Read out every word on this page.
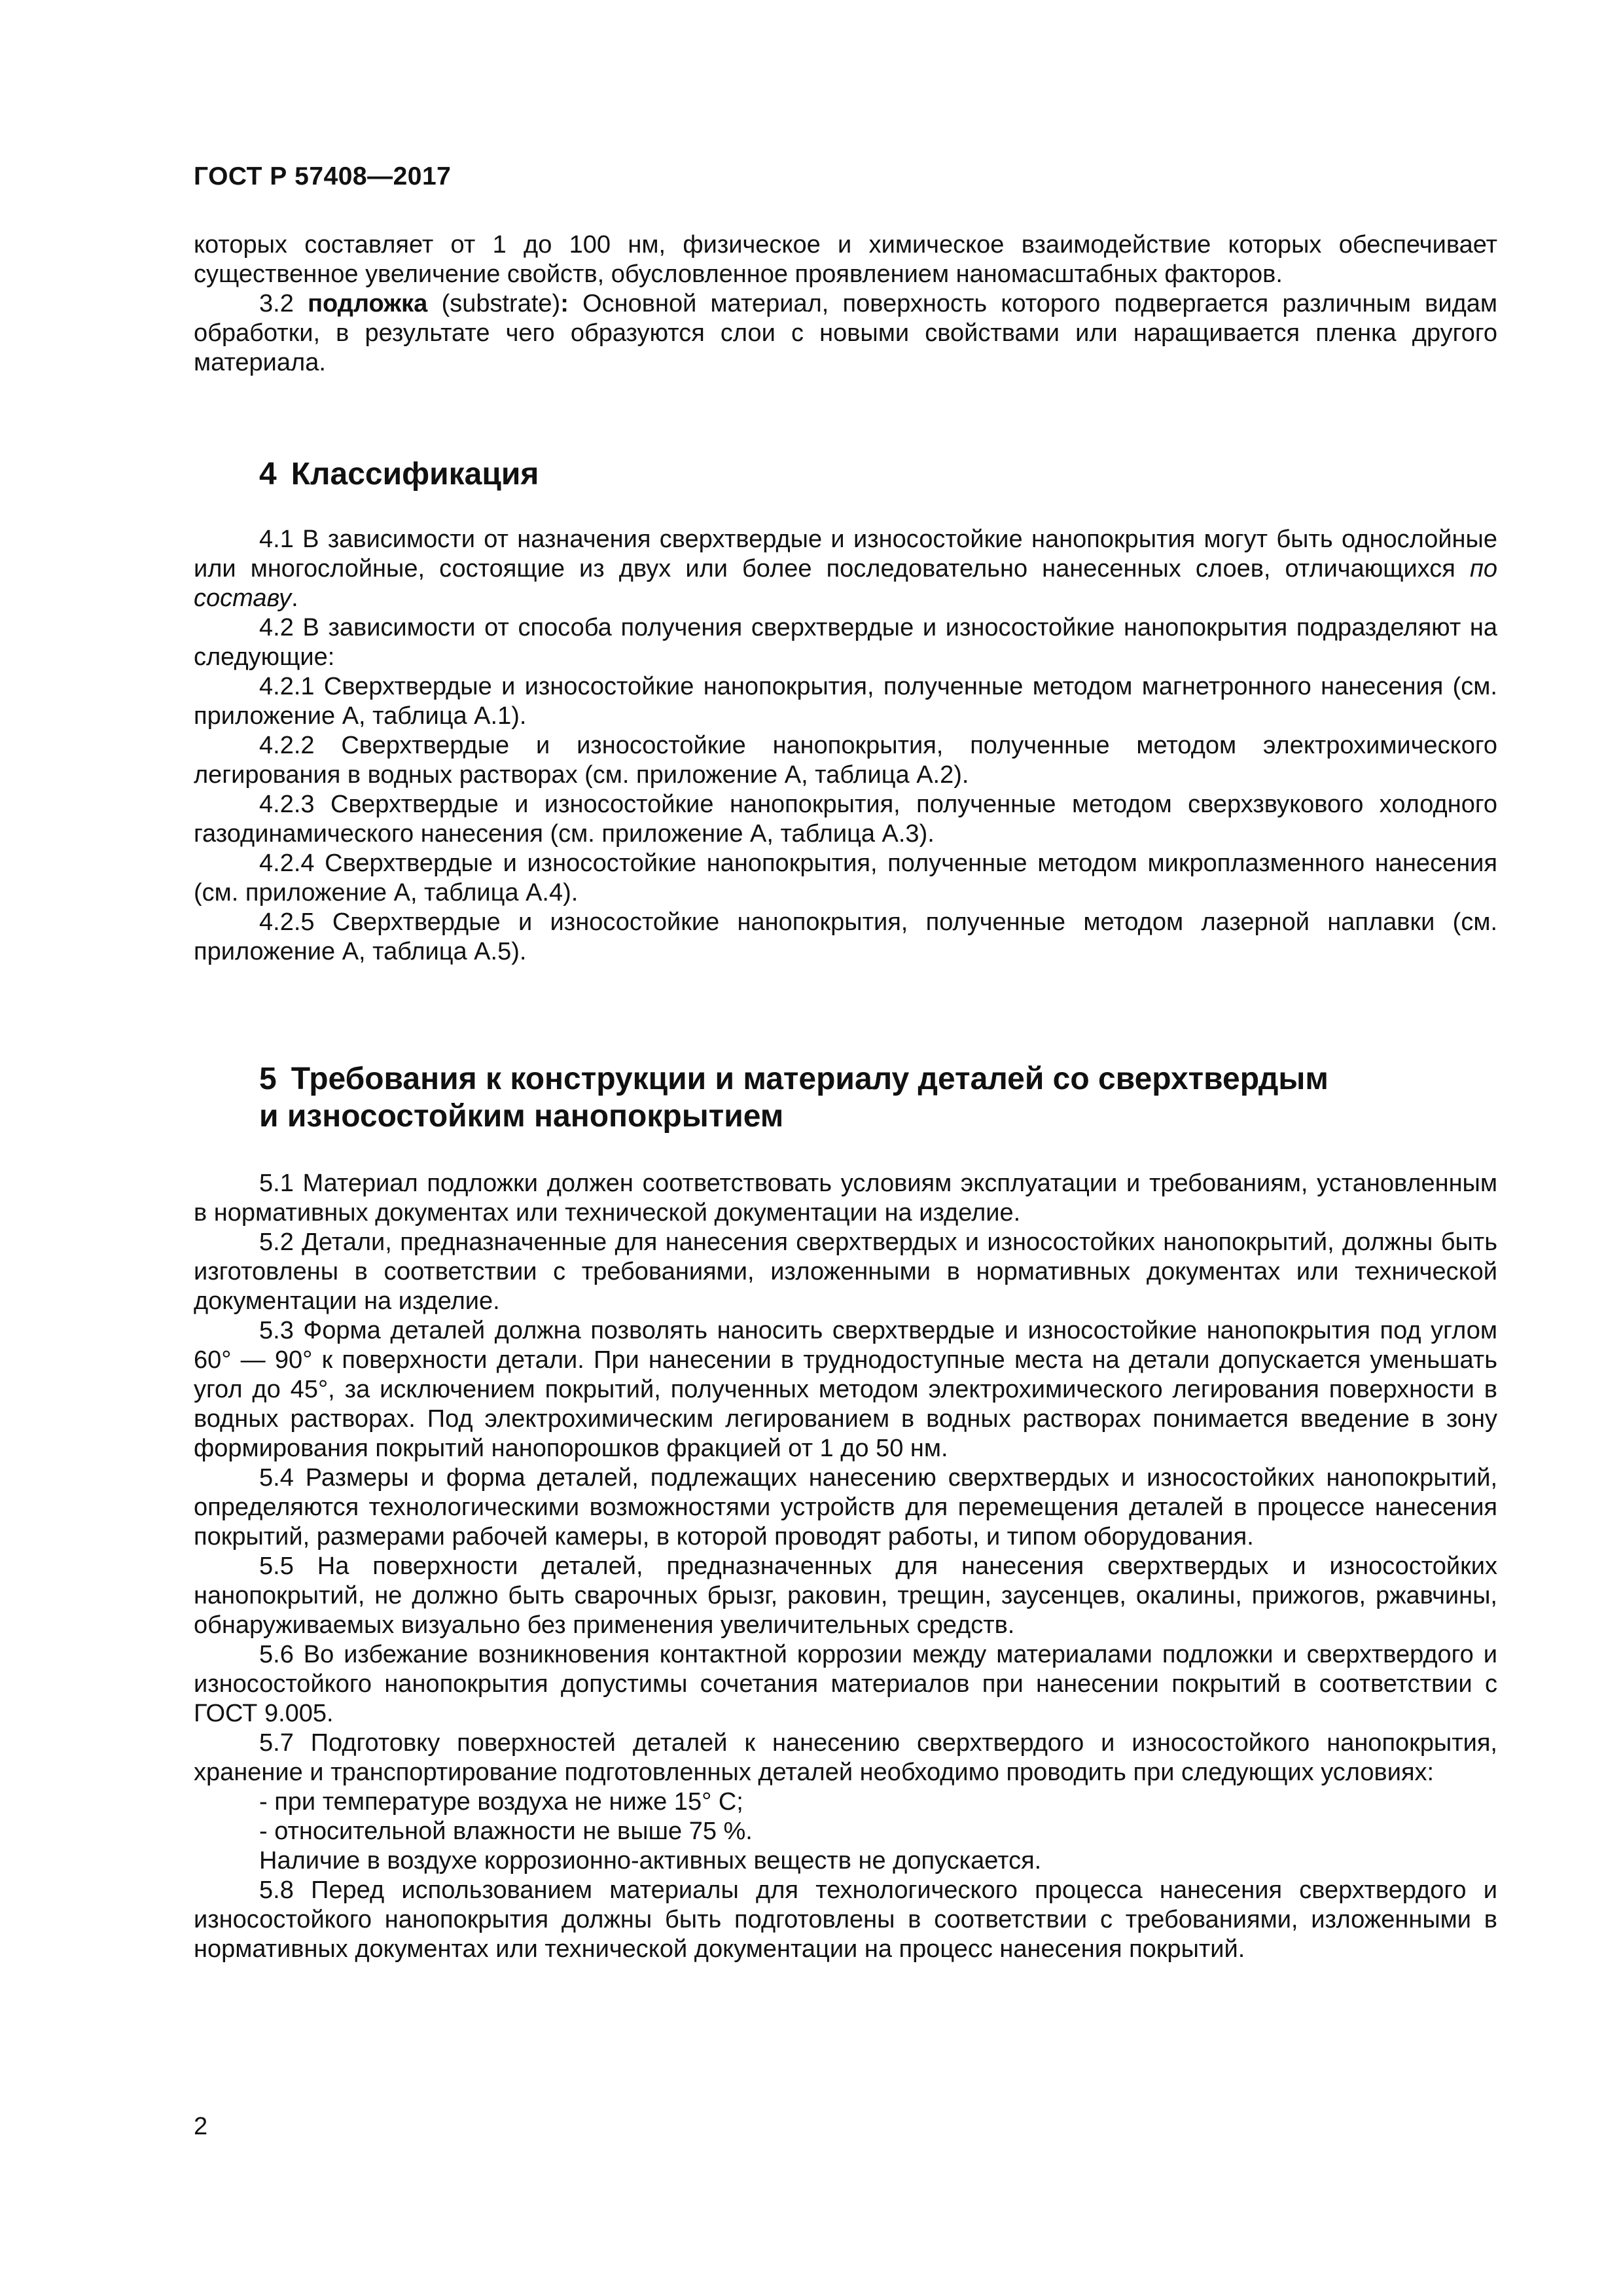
ГОСТ Р 57408—2017

которых составляет от 1 до 100 нм, физическое и химическое взаимодействие которых обеспечивает существенное увеличение свойств, обусловленное проявлением наномасштабных факторов.

3.2 подложка (substrate): Основной материал, поверхность которого подвергается различным видам обработки, в результате чего образуются слои с новыми свойствами или наращивается пленка другого материала.

4 Классификация

4.1 В зависимости от назначения сверхтвердые и износостойкие нанопокрытия могут быть однослойные или многослойные, состоящие из двух или более последовательно нанесенных слоев, отличающихся по составу.

4.2 В зависимости от способа получения сверхтвердые и износостойкие нанопокрытия подразделяют на следующие:

4.2.1 Сверхтвердые и износостойкие нанопокрытия, полученные методом магнетронного нанесения (см. приложение А, таблица А.1).

4.2.2 Сверхтвердые и износостойкие нанопокрытия, полученные методом электрохимического легирования в водных растворах (см. приложение А, таблица А.2).

4.2.3 Сверхтвердые и износостойкие нанопокрытия, полученные методом сверхзвукового холодного газодинамического нанесения (см. приложение А, таблица А.3).

4.2.4 Сверхтвердые и износостойкие нанопокрытия, полученные методом микроплазменного нанесения (см. приложение А, таблица А.4).

4.2.5 Сверхтвердые и износостойкие нанопокрытия, полученные методом лазерной наплавки (см. приложение А, таблица А.5).

5 Требования к конструкции и материалу деталей со сверхтвердым
и износостойким нанопокрытием

5.1 Материал подложки должен соответствовать условиям эксплуатации и требованиям, установленным в нормативных документах или технической документации на изделие.

5.2 Детали, предназначенные для нанесения сверхтвердых и износостойких нанопокрытий, должны быть изготовлены в соответствии с требованиями, изложенными в нормативных документах или технической документации на изделие.

5.3 Форма деталей должна позволять наносить сверхтвердые и износостойкие нанопокрытия под углом 60° — 90° к поверхности детали. При нанесении в труднодоступные места на детали допускается уменьшать угол до 45°, за исключением покрытий, полученных методом электрохимического легирования поверхности в водных растворах. Под электрохимическим легированием в водных растворах понимается введение в зону формирования покрытий нанопорошков фракцией от 1 до 50 нм.

5.4 Размеры и форма деталей, подлежащих нанесению сверхтвердых и износостойких нанопокрытий, определяются технологическими возможностями устройств для перемещения деталей в процессе нанесения покрытий, размерами рабочей камеры, в которой проводят работы, и типом оборудования.

5.5 На поверхности деталей, предназначенных для нанесения сверхтвердых и износостойких нанопокрытий, не должно быть сварочных брызг, раковин, трещин, заусенцев, окалины, прижогов, ржавчины, обнаруживаемых визуально без применения увеличительных средств.

5.6 Во избежание возникновения контактной коррозии между материалами подложки и сверхтвердого и износостойкого нанопокрытия допустимы сочетания материалов при нанесении покрытий в соответствии с ГОСТ 9.005.

5.7 Подготовку поверхностей деталей к нанесению сверхтвердого и износостойкого нанопокрытия, хранение и транспортирование подготовленных деталей необходимо проводить при следующих условиях:

- при температуре воздуха не ниже 15° С;

- относительной влажности не выше 75 %.

Наличие в воздухе коррозионно-активных веществ не допускается.

5.8 Перед использованием материалы для технологического процесса нанесения сверхтвердого и износостойкого нанопокрытия должны быть подготовлены в соответствии с требованиями, изложенными в нормативных документах или технической документации на процесс нанесения покрытий.

2
